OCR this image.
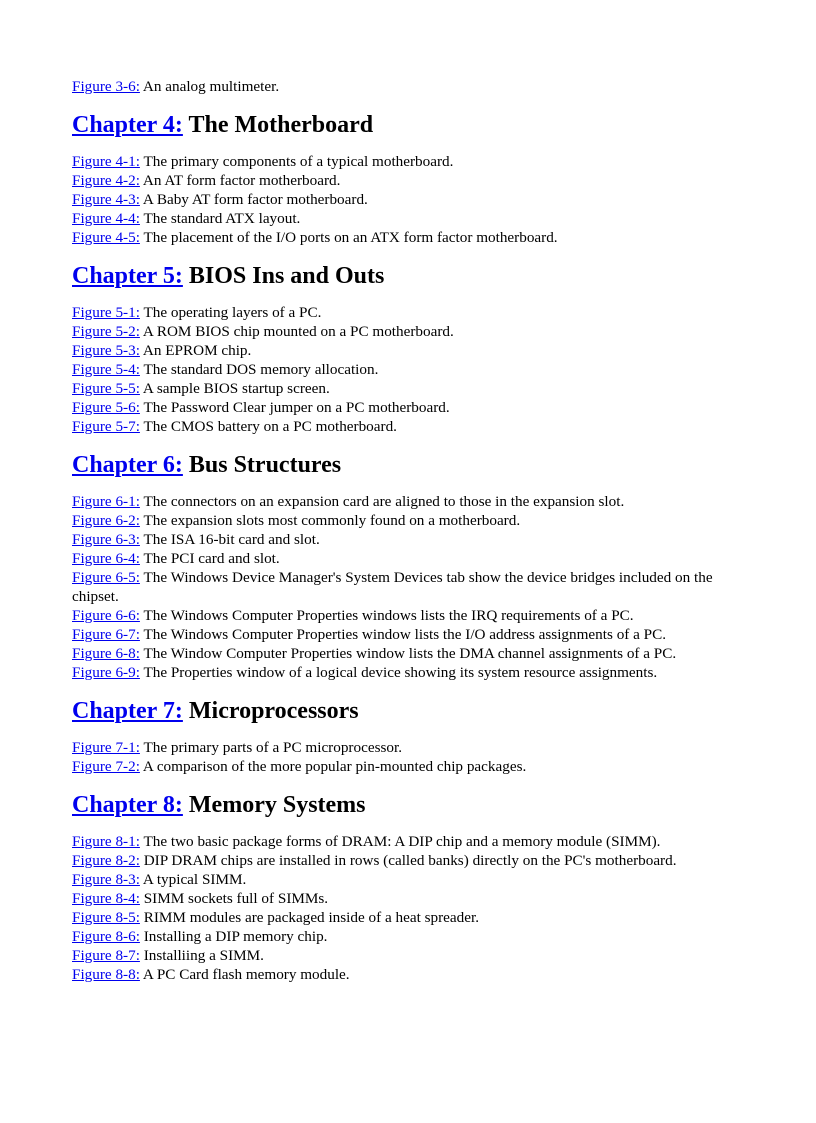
Figure 3-6: An analog multimeter.

Chapter 4: The Motherboard

Figure 4-1: The primary components of a typical motherboard.

Figure 4-2: An AT form factor motherboard.

Figure 4-3: A Baby AT form factor motherboard.

Figure 4-4: The standard ATX layout.

Figure 4-5: The placement of the I/O ports on an ATX form factor motherboard.

Chapter 5: BIOS Ins and Outs

Figure 5-1: The operating layers of a PC.

Figure 5-2: A ROM BIOS chip mounted on a PC motherboard.

Figure 5-3: An EPROM chip.

Figure 5-4: The standard DOS memory allocation.

Figure 5-5: A sample BIOS startup screen.

Figure 5-6: The Password Clear jumper on a PC motherboard.

Figure 5-7: The CMOS battery on a PC motherboard.

Chapter 6: Bus Structures

Figure 6-1: The connectors on an expansion card are aligned to those in the expansion slot.

Figure 6-2: The expansion slots most commonly found on a motherboard.

Figure 6-3: The ISA 16-bit card and slot.

Figure 6-4: The PCI card and slot.

Figure 6-5: The Windows Device Manager's System Devices tab show the device bridges included on the chipset.

Figure 6-6: The Windows Computer Properties windows lists the IRQ requirements of a PC.

Figure 6-7: The Windows Computer Properties window lists the I/O address assignments of a PC.

Figure 6-8: The Window Computer Properties window lists the DMA channel assignments of a PC.

Figure 6-9: The Properties window of a logical device showing its system resource assignments.

Chapter 7: Microprocessors

Figure 7-1: The primary parts of a PC microprocessor.

Figure 7-2: A comparison of the more popular pin-mounted chip packages.

Chapter 8: Memory Systems

Figure 8-1: The two basic package forms of DRAM: A DIP chip and a memory module (SIMM).

Figure 8-2: DIP DRAM chips are installed in rows (called banks) directly on the PC's motherboard.

Figure 8-3: A typical SIMM.

Figure 8-4: SIMM sockets full of SIMMs.

Figure 8-5: RIMM modules are packaged inside of a heat spreader.

Figure 8-6: Installing a DIP memory chip.

Figure 8-7: Installiing a SIMM.

Figure 8-8: A PC Card flash memory module.
